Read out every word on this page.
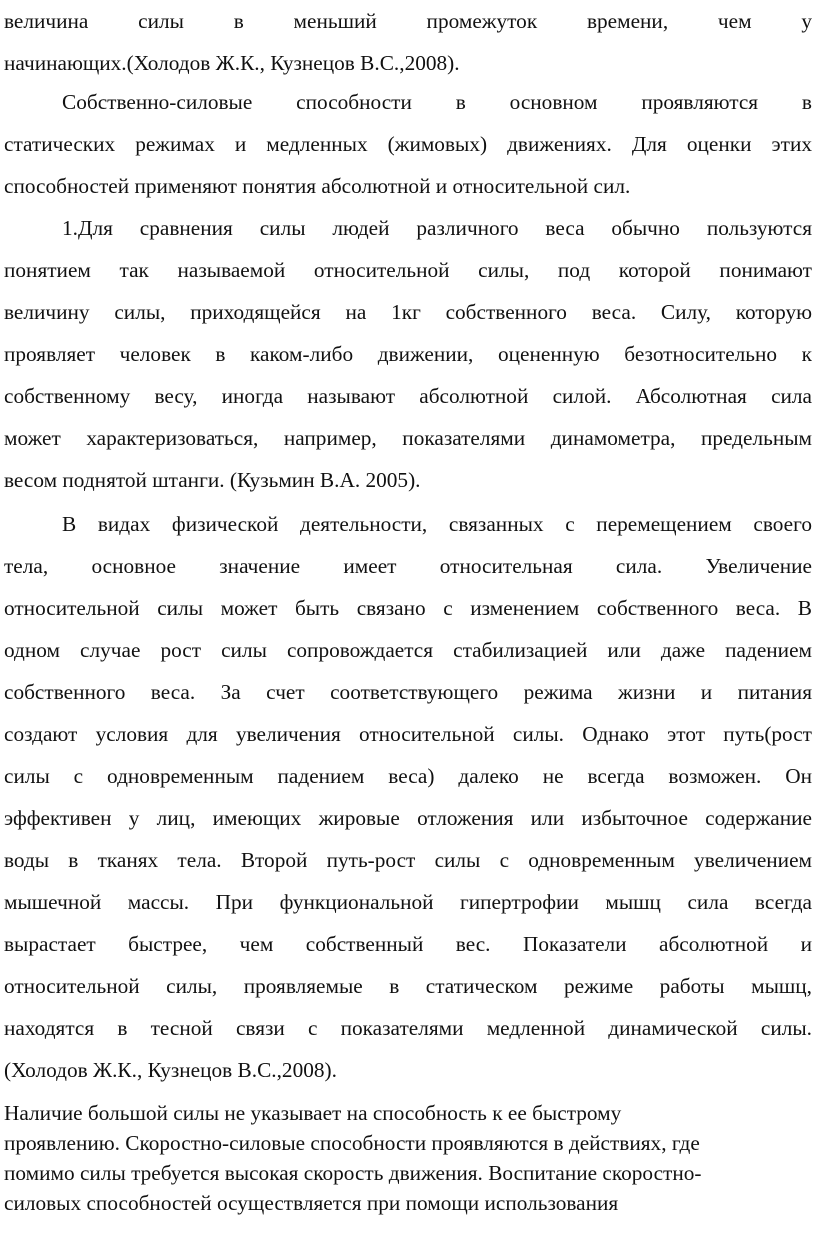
величина силы в меньший промежуток времени, чем у
начинающих.(Холодов Ж.К., Кузнецов В.С.,2008).
Собственно-силовые способности в основном проявляются в
статических режимах и медленных (жимовых) движениях. Для оценки этих
способностей применяют понятия абсолютной и относительной сил.
1.Для сравнения силы людей различного веса обычно пользуются
понятием так называемой относительной силы, под которой понимают
величину силы, приходящейся на 1кг собственного веса. Силу, которую
проявляет человек в каком-либо движении, оцененную безотносительно к
собственному весу, иногда называют абсолютной силой. Абсолютная сила
может характеризоваться, например, показателями динамометра, предельным
весом поднятой штанги. (Кузьмин В.А. 2005).
В видах физической деятельности, связанных с перемещением своего
тела, основное значение имеет относительная сила. Увеличение
относительной силы может быть связано с изменением собственного веса. В
одном случае рост силы сопровождается стабилизацией или даже падением
собственного веса. За счет соответствующего режима жизни и питания
создают условия для увеличения относительной силы. Однако этот путь(рост
силы с одновременным падением веса) далеко не всегда возможен. Он
эффективен у лиц, имеющих жировые отложения или избыточное содержание
воды в тканях тела. Второй путь-рост силы с одновременным увеличением
мышечной массы. При функциональной гипертрофии мышц сила всегда
вырастает быстрее, чем собственный вес. Показатели абсолютной и
относительной силы, проявляемые в статическом режиме работы мышц,
находятся в тесной связи с показателями медленной динамической силы.
(Холодов Ж.К., Кузнецов В.С.,2008).
Наличие большой силы не указывает на способность к ее быстрому
проявлению. Скоростно-силовые способности проявляются в действиях, где
помимо силы требуется высокая скорость движения. Воспитание скоростно-
силовых способностей осуществляется при помощи использования
